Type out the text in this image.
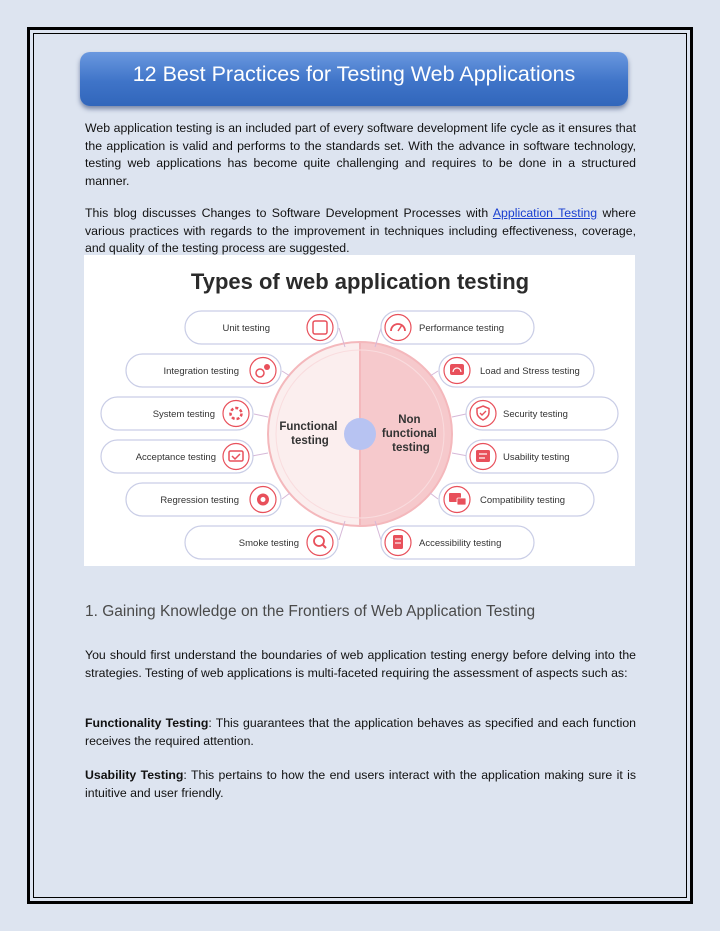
12 Best Practices for Testing Web Applications

Web application testing is an included part of every software development life cycle as it ensures that the application is valid and performs to the standards set. With the advance in software technology, testing web applications has become quite challenging and requires to be done in a structured manner.

This blog discusses Changes to Software Development Processes with Application Testing where various practices with regards to the improvement in techniques including effectiveness, coverage, and quality of the testing process are suggested.

Types of web application testing
Functional testing
Non functional testing
Unit testing
Integration testing
System testing
Acceptance testing
Regression testing
Smoke testing
Performance testing
Load and Stress testing
Security testing
Usability testing
Compatibility testing
Accessibility testing
1. Gaining Knowledge on the Frontiers of Web Application Testing

You should first understand the boundaries of web application testing energy before delving into the strategies. Testing of web applications is multi-faceted requiring the assessment of aspects such as:

Functionality Testing: This guarantees that the application behaves as specified and each function receives the required attention.

Usability Testing: This pertains to how the end users interact with the application making sure it is intuitive and user friendly.
